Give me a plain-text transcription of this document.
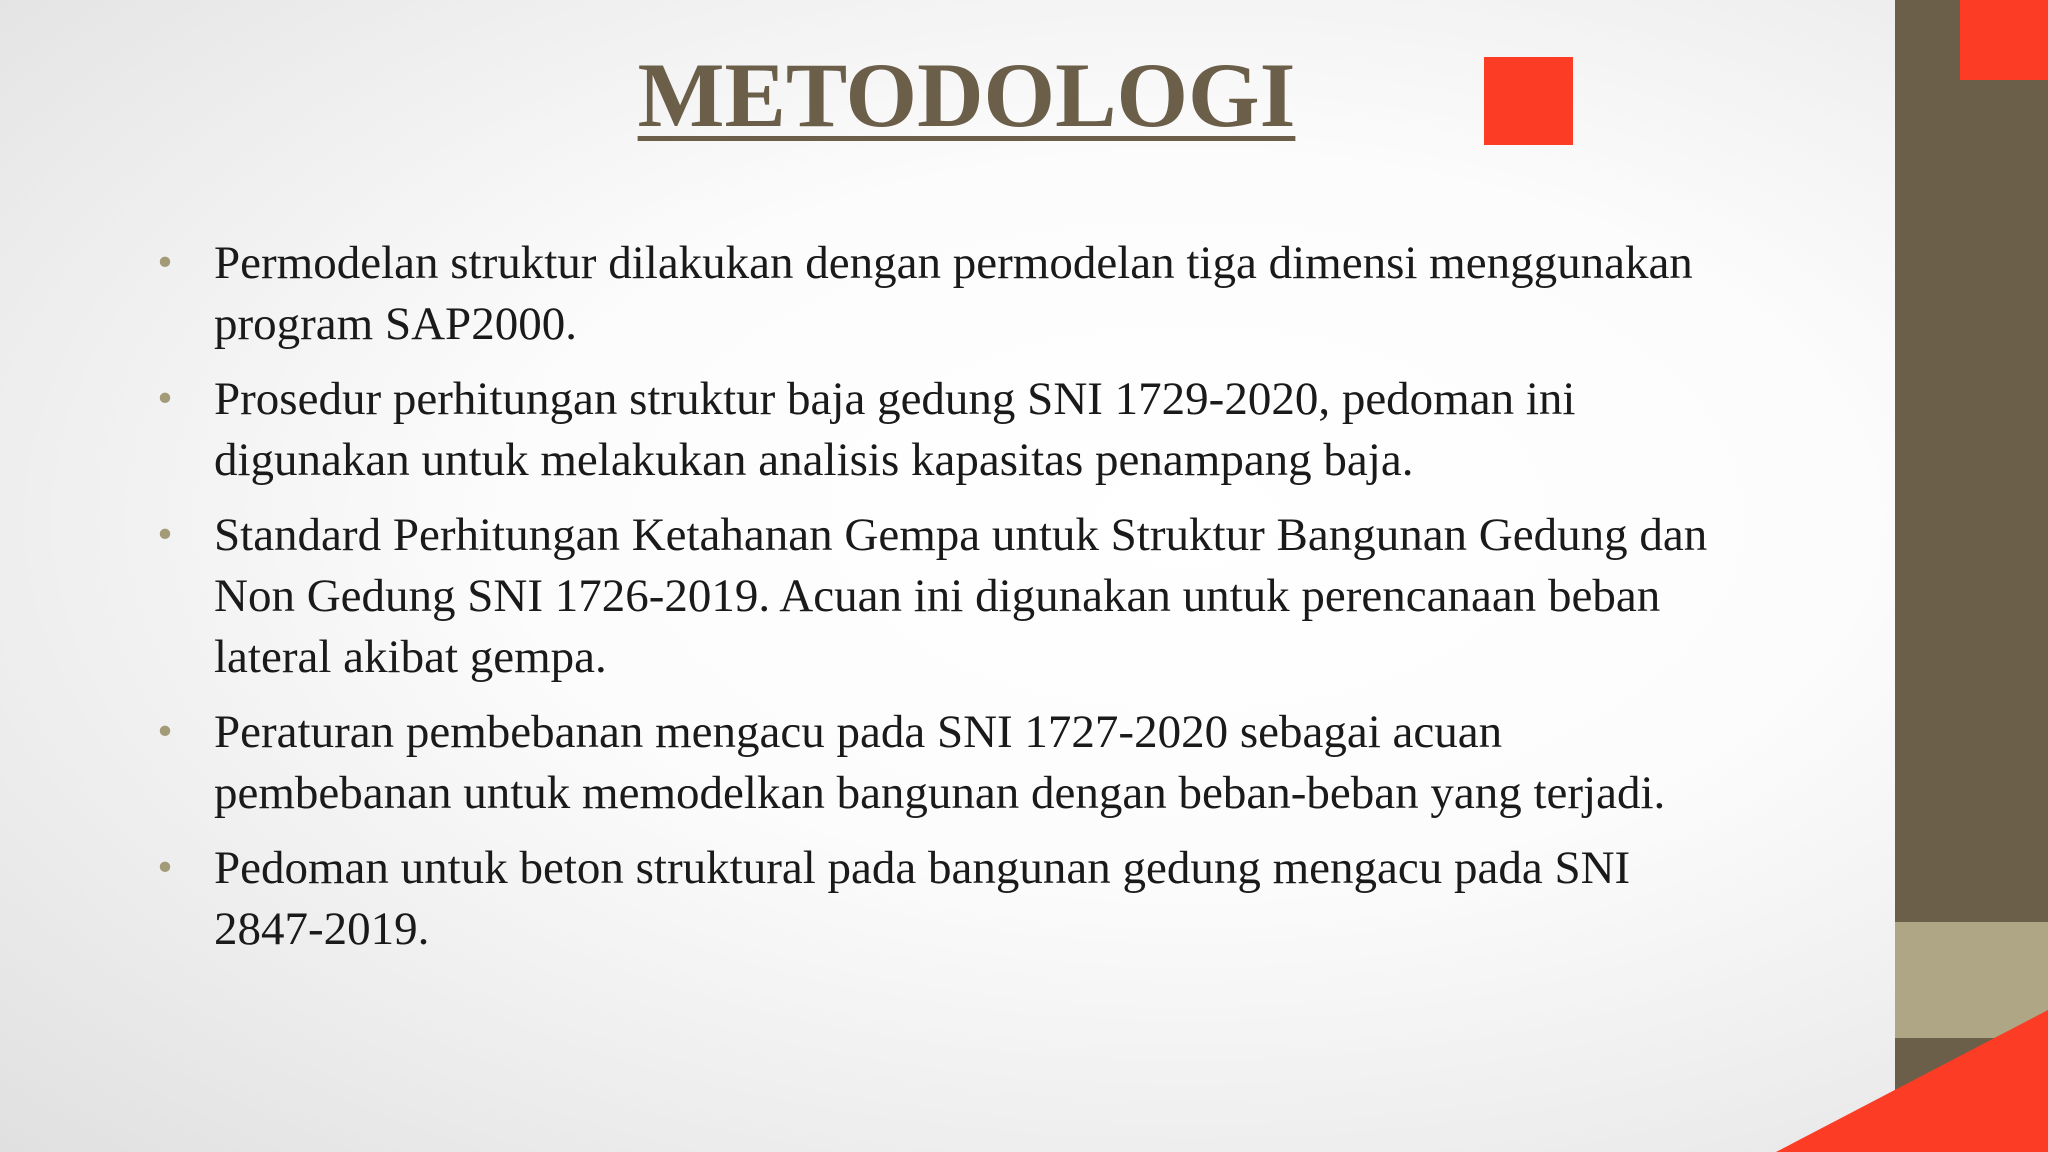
METODOLOGI
• Permodelan struktur dilakukan dengan permodelan tiga dimensi menggunakan program SAP2000.
• Prosedur perhitungan struktur baja gedung SNI 1729-2020, pedoman ini digunakan untuk melakukan analisis kapasitas penampang baja.
• Standard Perhitungan Ketahanan Gempa untuk Struktur Bangunan Gedung dan Non Gedung SNI 1726-2019. Acuan ini digunakan untuk perencanaan beban lateral akibat gempa.
• Peraturan pembebanan mengacu pada SNI 1727-2020 sebagai acuan pembebanan untuk memodelkan bangunan dengan beban-beban yang terjadi.
• Pedoman untuk beton struktural pada bangunan gedung mengacu pada SNI 2847-2019.
